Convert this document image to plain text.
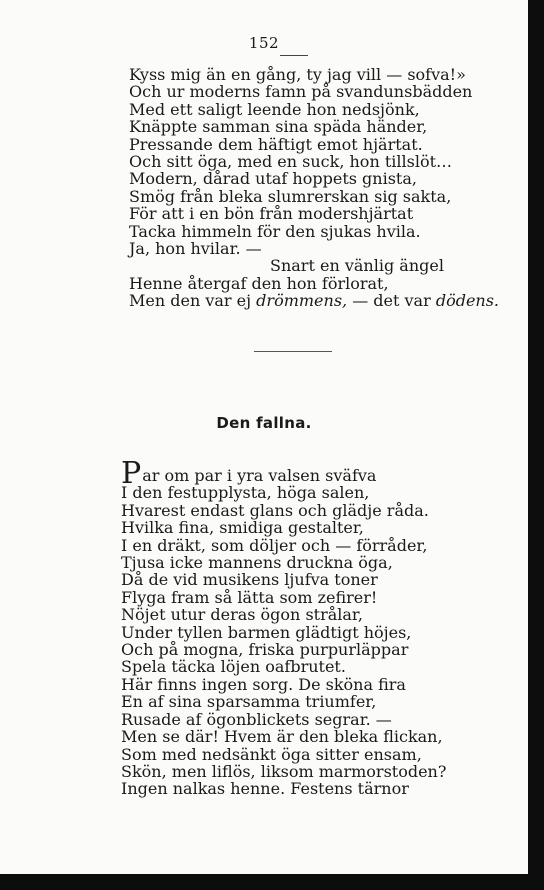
152
Kyss mig än en gång, ty jag vill — sofva!»
Och ur moderns famn på svandunsbädden
Med ett saligt leende hon nedsjönk,
Knäppte samman sina späda händer,
Pressande dem häftigt emot hjärtat.
Och sitt öga, med en suck, hon tillslöt…
Modern, dårad utaf hoppets gnista,
Smög från bleka slumrerskan sig sakta,
För att i en bön från modershjärtat
Tacka himmeln för den sjukas hvila.
Ja, hon hvilar. —
Snart en vänlig ängel
Henne återgaf den hon förlorat,
Men den var ej drömmens, — det var dödens.
Den fallna.
Par om par i yra valsen sväfva
I den festupplysta, höga salen,
Hvarest endast glans och glädje råda.
Hvilka fina, smidiga gestalter,
I en dräkt, som döljer och — förråder,
Tjusa icke mannens druckna öga,
Då de vid musikens ljufva toner
Flyga fram så lätta som zefirer!
Nöjet utur deras ögon strålar,
Under tyllen barmen glädtigt höjes,
Och på mogna, friska purpurläppar
Spela täcka löjen oafbrutet.
Här finns ingen sorg. De sköna fira
En af sina sparsamma triumfer,
Rusade af ögonblickets segrar. —
Men se där! Hvem är den bleka flickan,
Som med nedsänkt öga sitter ensam,
Skön, men liflös, liksom marmorstoden?
Ingen nalkas henne. Festens tärnor
